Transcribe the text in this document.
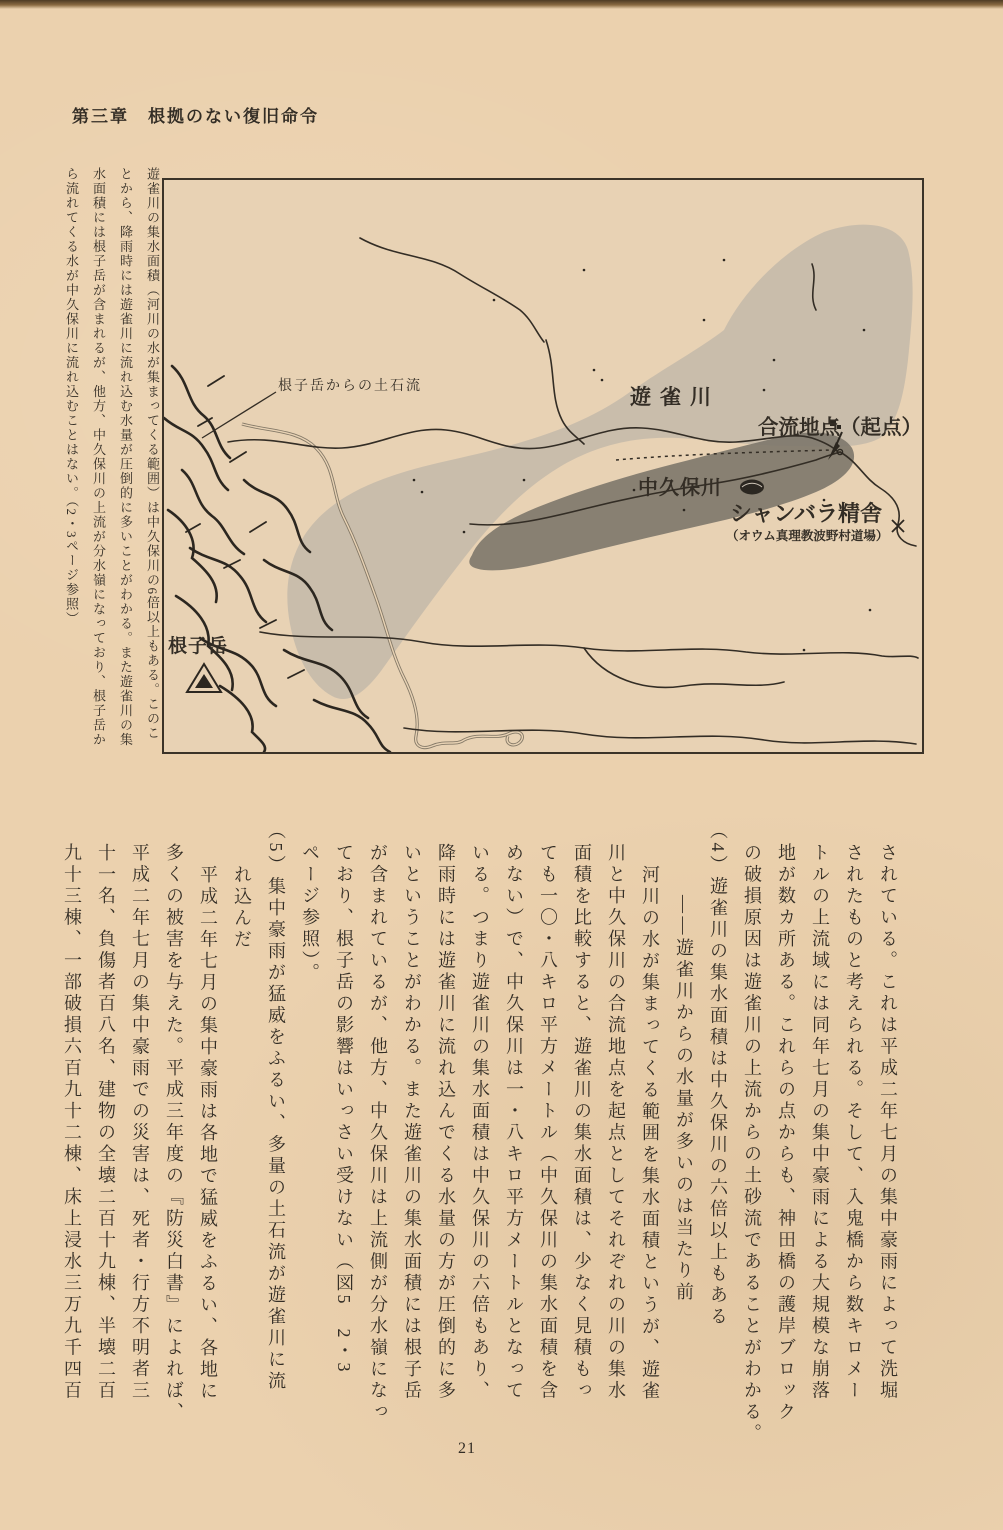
第三章　根拠のない復旧命令
遊雀川の集水面積（河川の水が集まってくる範囲）は中久保川の6倍以上もある。このこ
とから、降雨時には遊雀川に流れ込む水量が圧倒的に多いことがわかる。また遊雀川の集
水面積には根子岳が含まれるが、他方、中久保川の上流が分水嶺になっており、根子岳か
ら流れてくる水が中久保川に流れ込むことはない。（2・3ページ参照）	根子岳からの土石流	遊雀川
合流地点（起点）
中久保川
シャンバラ精舎
（オウム真理教波野村道場）
根子岳
されている。これは平成二年七月の集中豪雨によって洗堀
されたものと考えられる。そして、入鬼橋から数キロメー
トルの上流域には同年七月の集中豪雨による大規模な崩落
地が数カ所ある。これらの点からも、神田橋の護岸ブロック
の破損原因は遊雀川の上流からの土砂流であることがわかる。
（4）遊雀川の集水面積は中久保川の六倍以上もある
――遊雀川からの水量が多いのは当たり前
河川の水が集まってくる範囲を集水面積というが、遊雀
川と中久保川の合流地点を起点としてそれぞれの川の集水
面積を比較すると、遊雀川の集水面積は、少なく見積もっ
ても一〇・八キロ平方メートル（中久保川の集水面積を含
めない）で、中久保川は一・八キロ平方メートルとなって
いる。つまり遊雀川の集水面積は中久保川の六倍もあり、
降雨時には遊雀川に流れ込んでくる水量の方が圧倒的に多
いということがわかる。また遊雀川の集水面積には根子岳
が含まれているが、他方、中久保川は上流側が分水嶺になっ
ており、根子岳の影響はいっさい受けない（図5　2・3
ページ参照）。
（5）集中豪雨が猛威をふるい、多量の土石流が遊雀川に流
れ込んだ
平成二年七月の集中豪雨は各地で猛威をふるい、各地に
多くの被害を与えた。平成三年度の『防災白書』によれば、
平成二年七月の集中豪雨での災害は、死者・行方不明者三
十一名、負傷者百八名、建物の全壊二百十九棟、半壊二百
九十三棟、一部破損六百九十二棟、床上浸水三万九千四百
21
